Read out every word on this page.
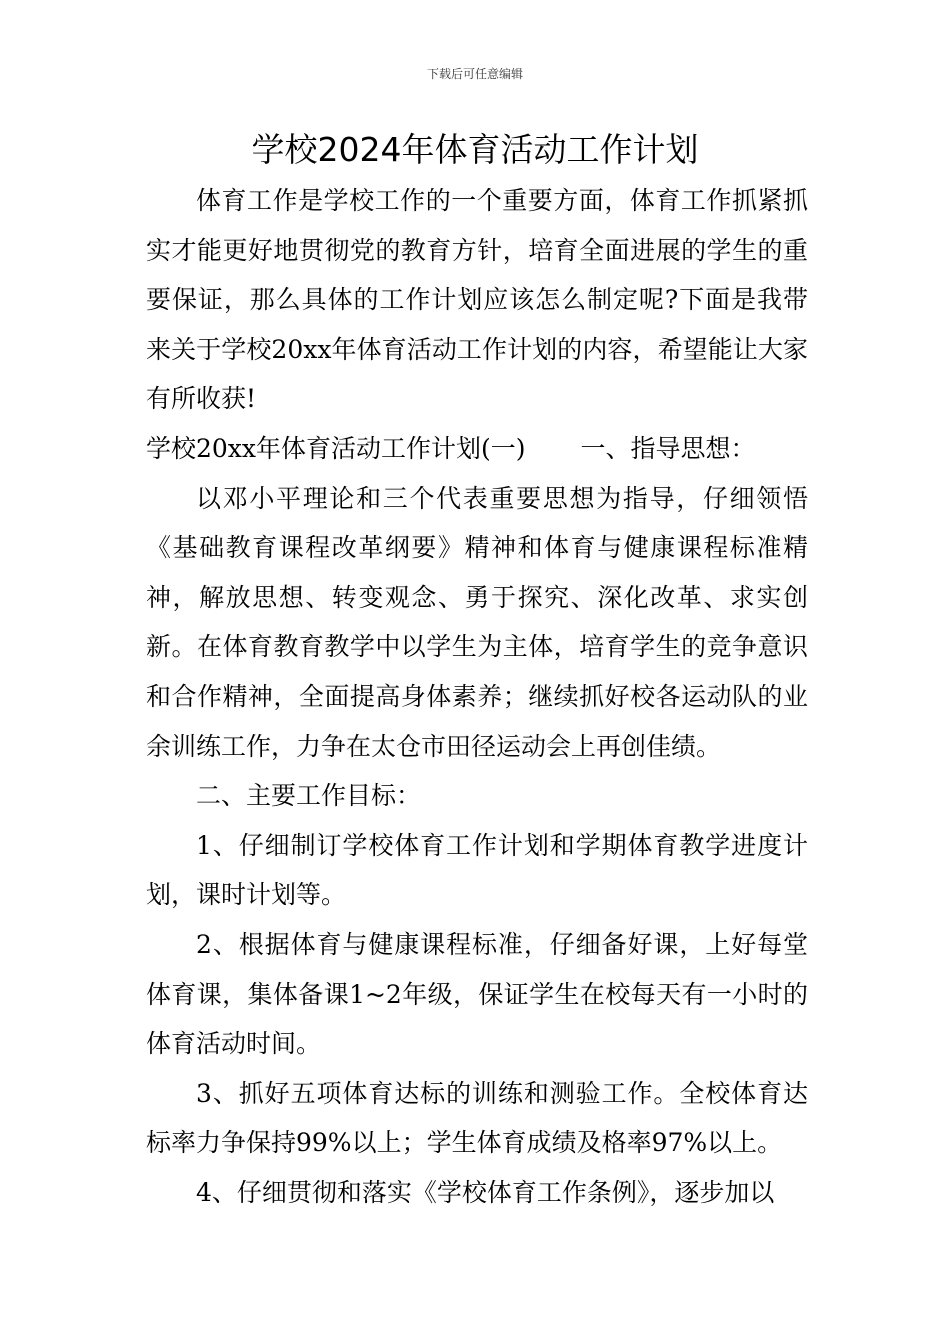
下载后可任意编辑
学校2024年体育活动工作计划

体育工作是学校工作的一个重要方面，体育工作抓紧抓实才能更好地贯彻党的教育方针，培育全面进展的学生的重要保证，那么具体的工作计划应该怎么制定呢?下面是我带来关于学校20xx年体育活动工作计划的内容，希望能让大家有所收获!

学校20xx年体育活动工作计划(一) 一、指导思想：

以邓小平理论和三个代表重要思想为指导，仔细领悟《基础教育课程改革纲要》精神和体育与健康课程标准精神，解放思想、转变观念、勇于探究、深化改革、求实创新。在体育教育教学中以学生为主体，培育学生的竞争意识和合作精神，全面提高身体素养；继续抓好校各运动队的业余训练工作，力争在太仓市田径运动会上再创佳绩。

二、主要工作目标：

1、仔细制订学校体育工作计划和学期体育教学进度计划，课时计划等。

2、根据体育与健康课程标准，仔细备好课，上好每堂体育课，集体备课1~2年级，保证学生在校每天有一小时的体育活动时间。

3、抓好五项体育达标的训练和测验工作。全校体育达标率力争保持99%以上；学生体育成绩及格率97%以上。

4、仔细贯彻和落实《学校体育工作条例》，逐步加以
